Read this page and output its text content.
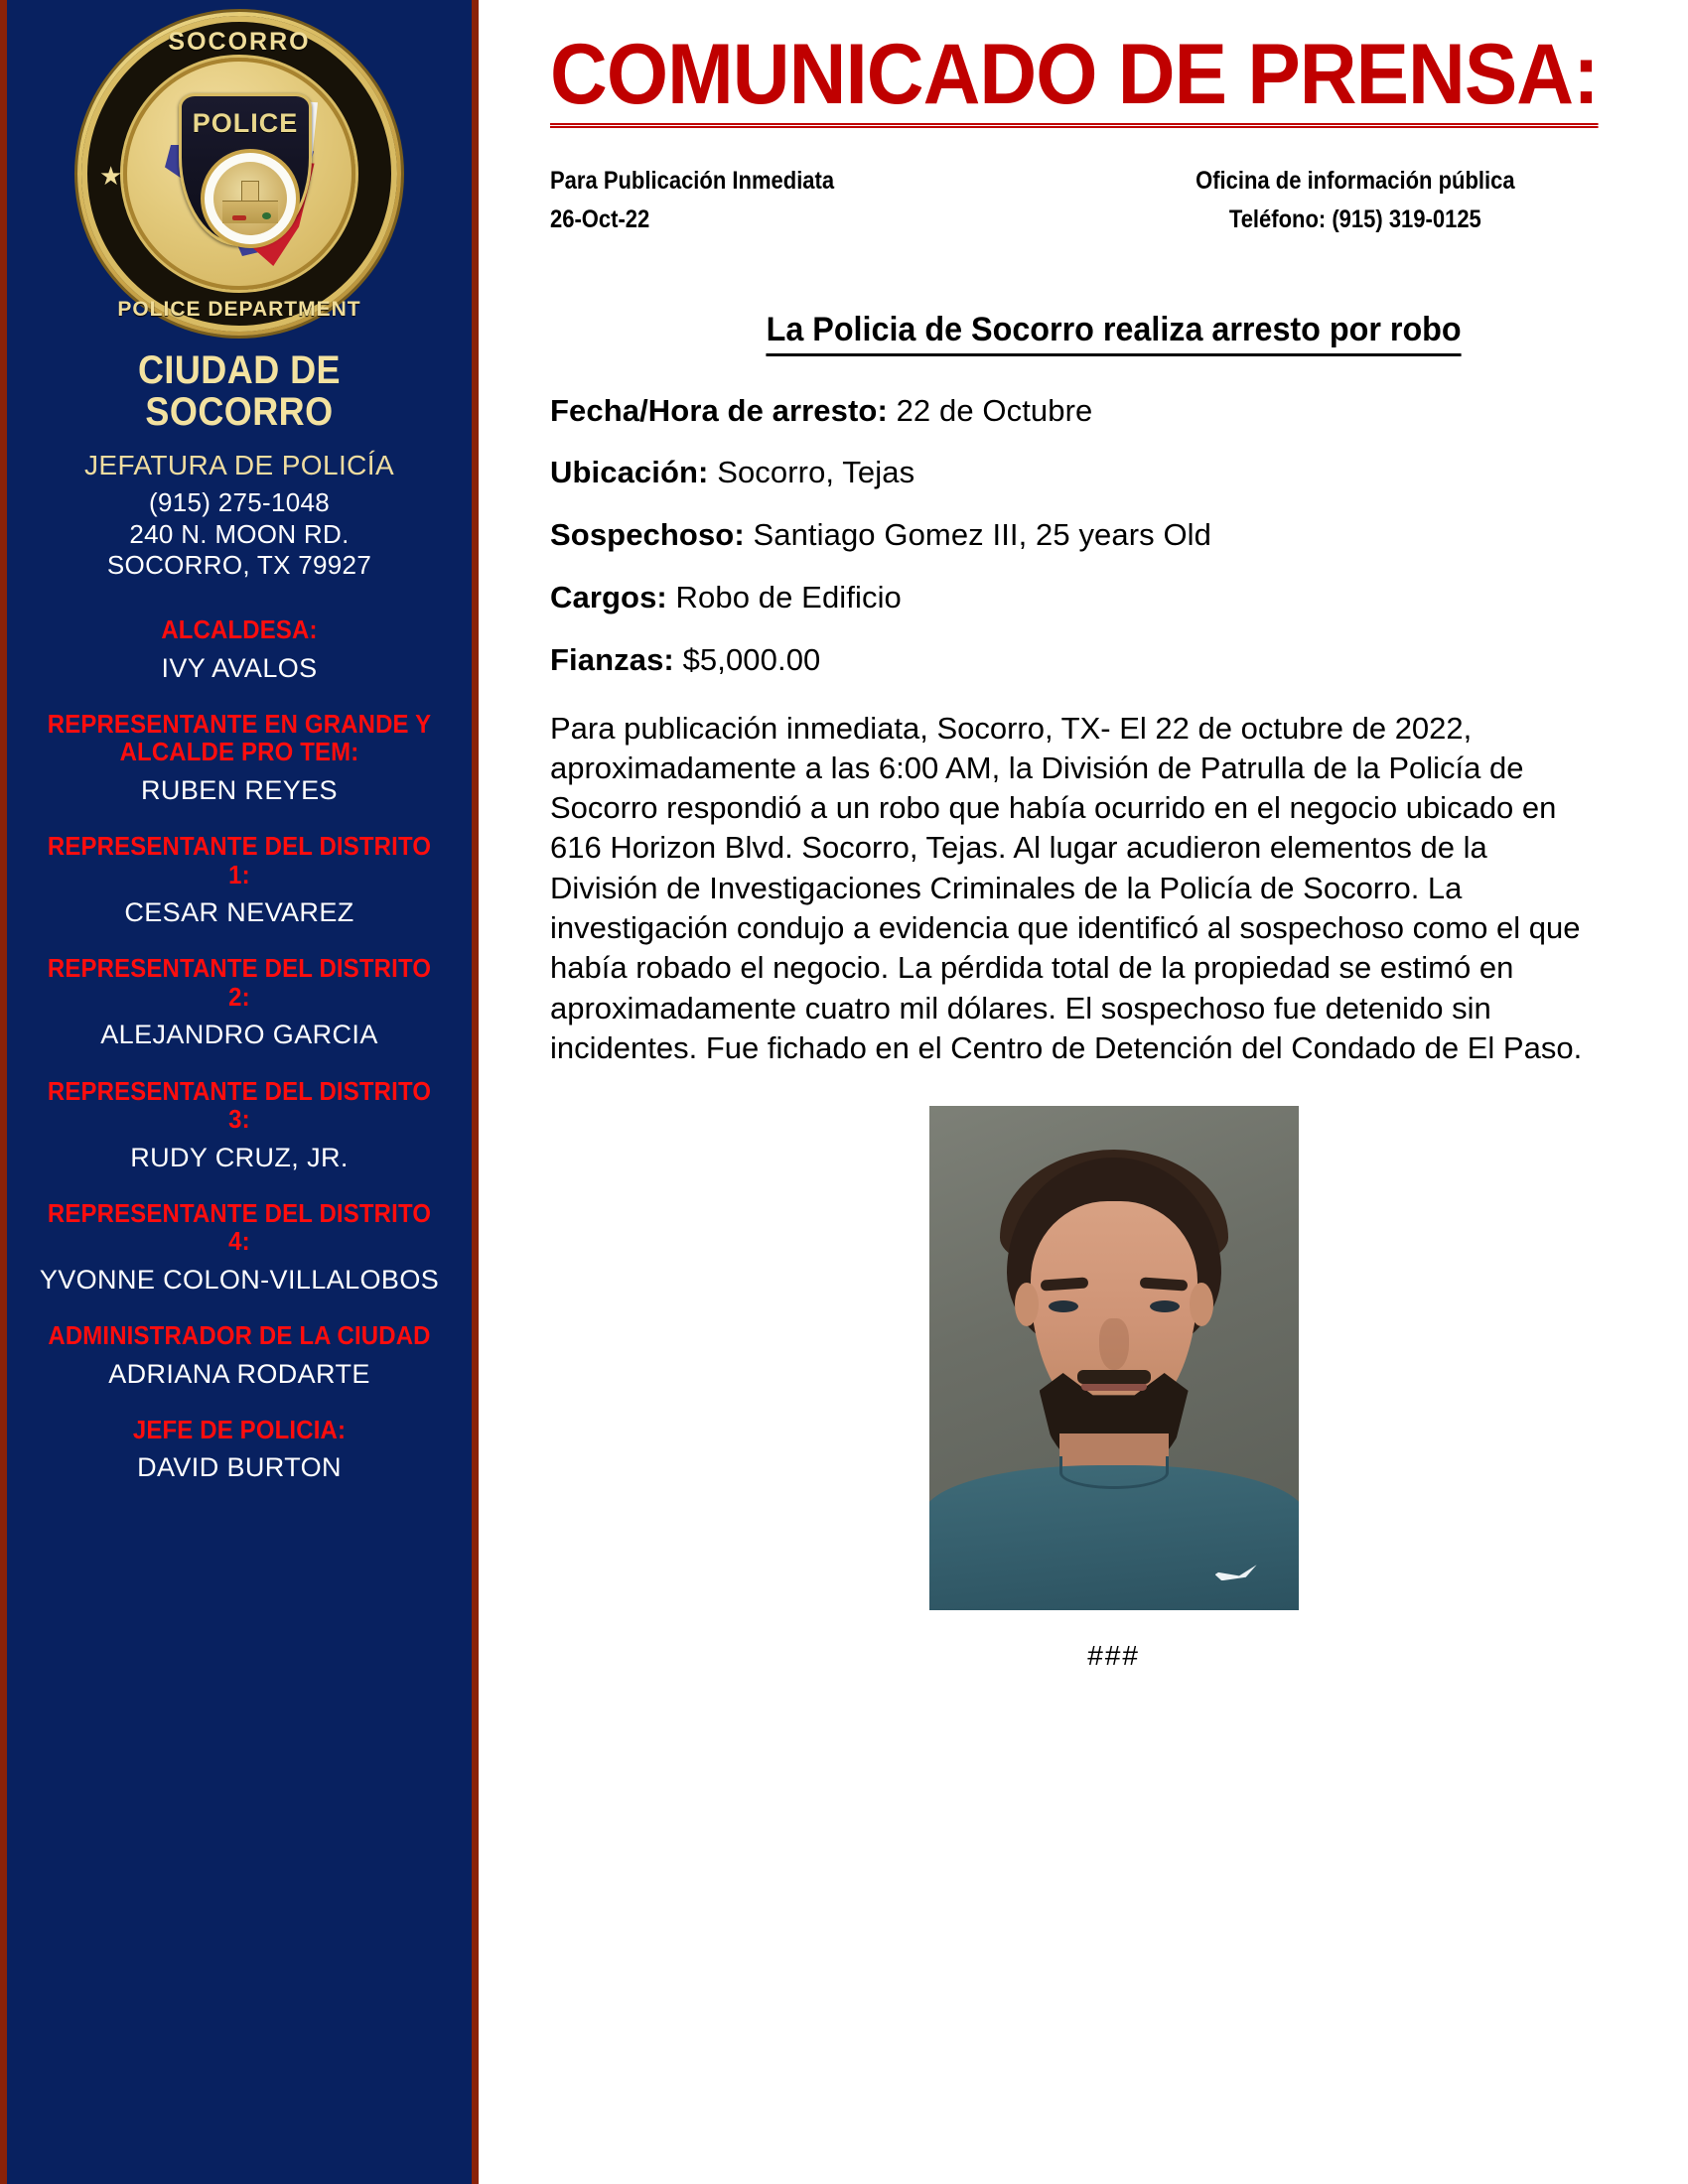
SOCORRO
POLICE DEPARTMENT
★
POLICE
CIUDAD DE SOCORRO
JEFATURA DE POLICÍA
(915) 275-1048
240 N. MOON RD.
SOCORRO, TX 79927
ALCALDESA:
IVY AVALOS
REPRESENTANTE EN GRANDE Y ALCALDE PRO TEM:
RUBEN REYES
REPRESENTANTE DEL DISTRITO 1:
CESAR NEVAREZ
REPRESENTANTE DEL DISTRITO 2:
ALEJANDRO GARCIA
REPRESENTANTE DEL DISTRITO 3:
RUDY CRUZ, JR.
REPRESENTANTE DEL DISTRITO 4:
YVONNE COLON-VILLALOBOS
ADMINISTRADOR DE LA CIUDAD
ADRIANA RODARTE
JEFE DE POLICIA:
DAVID BURTON
COMUNICADO DE PRENSA:
Para Publicación Inmediata
26-Oct-22
Oficina de información pública
Teléfono: (915) 319-0125
La Policia de Socorro realiza arresto por robo
Fecha/Hora de arresto: 22 de Octubre
Ubicación: Socorro, Tejas
Sospechoso: Santiago Gomez III, 25 years Old
Cargos: Robo de Edificio
Fianzas: $5,000.00

Para publicación inmediata, Socorro, TX- El 22 de octubre de 2022, aproximadamente a las 6:00 AM, la División de Patrulla de la Policía de Socorro respondió a un robo que había ocurrido en el negocio ubicado en 616 Horizon Blvd. Socorro, Tejas. Al lugar acudieron elementos de la División de Investigaciones Criminales de la Policía de Socorro. La investigación condujo a evidencia que identificó al sospechoso como el que había robado el negocio. La pérdida total de la propiedad se estimó en aproximadamente cuatro mil dólares. El sospechoso fue detenido sin incidentes. Fue fichado en el Centro de Detención del Condado de El Paso.

###
